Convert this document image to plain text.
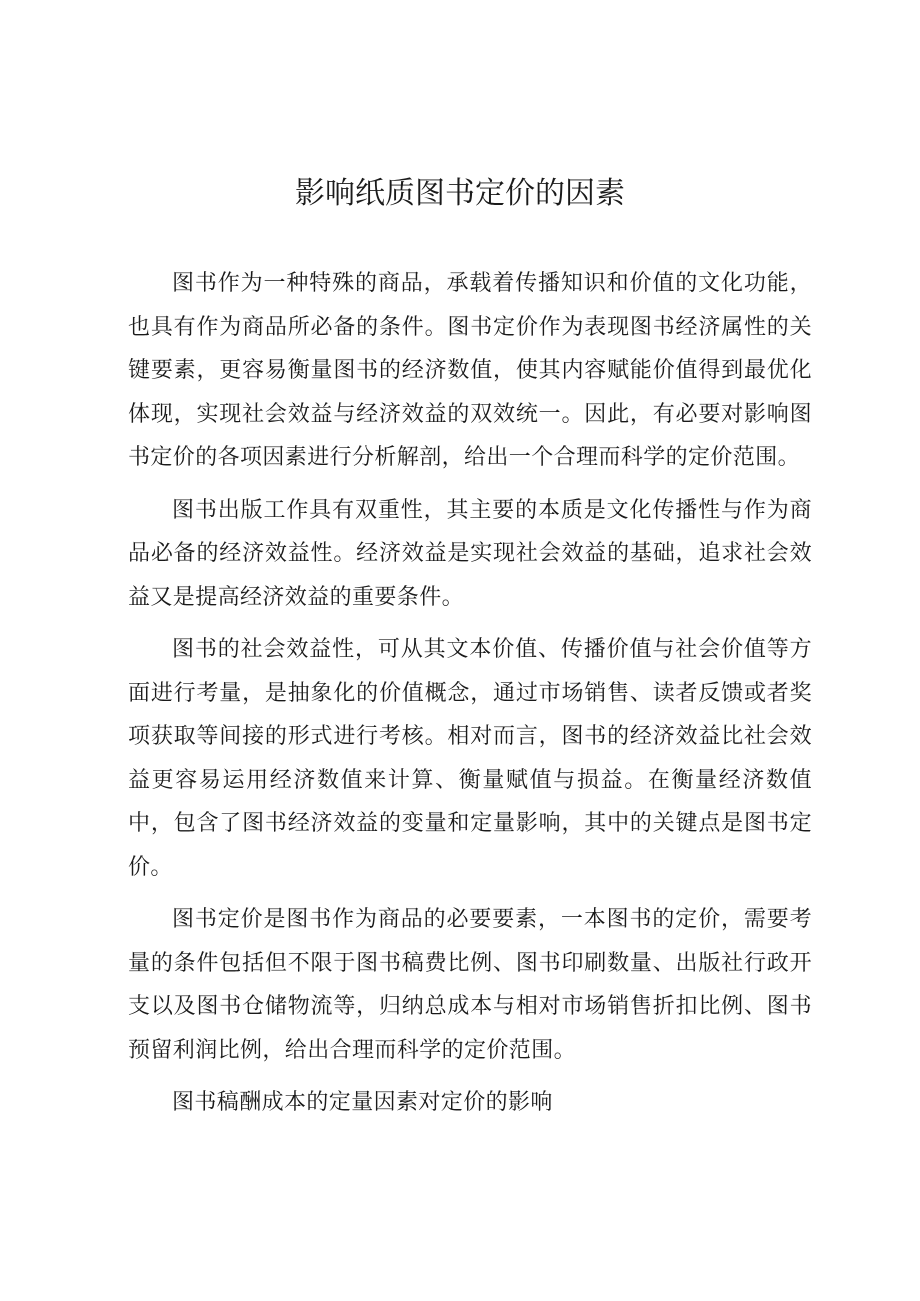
影响纸质图书定价的因素

图书作为一种特殊的商品，承载着传播知识和价值的文化功能，也具有作为商品所必备的条件。图书定价作为表现图书经济属性的关键要素，更容易衡量图书的经济数值，使其内容赋能价值得到最优化体现，实现社会效益与经济效益的双效统一。因此，有必要对影响图书定价的各项因素进行分析解剖，给出一个合理而科学的定价范围。

图书出版工作具有双重性，其主要的本质是文化传播性与作为商品必备的经济效益性。经济效益是实现社会效益的基础，追求社会效益又是提高经济效益的重要条件。

图书的社会效益性，可从其文本价值、传播价值与社会价值等方面进行考量，是抽象化的价值概念，通过市场销售、读者反馈或者奖项获取等间接的形式进行考核。相对而言，图书的经济效益比社会效益更容易运用经济数值来计算、衡量赋值与损益。在衡量经济数值中，包含了图书经济效益的变量和定量影响，其中的关键点是图书定价。

图书定价是图书作为商品的必要要素，一本图书的定价，需要考量的条件包括但不限于图书稿费比例、图书印刷数量、出版社行政开支以及图书仓储物流等，归纳总成本与相对市场销售折扣比例、图书预留利润比例，给出合理而科学的定价范围。

图书稿酬成本的定量因素对定价的影响
